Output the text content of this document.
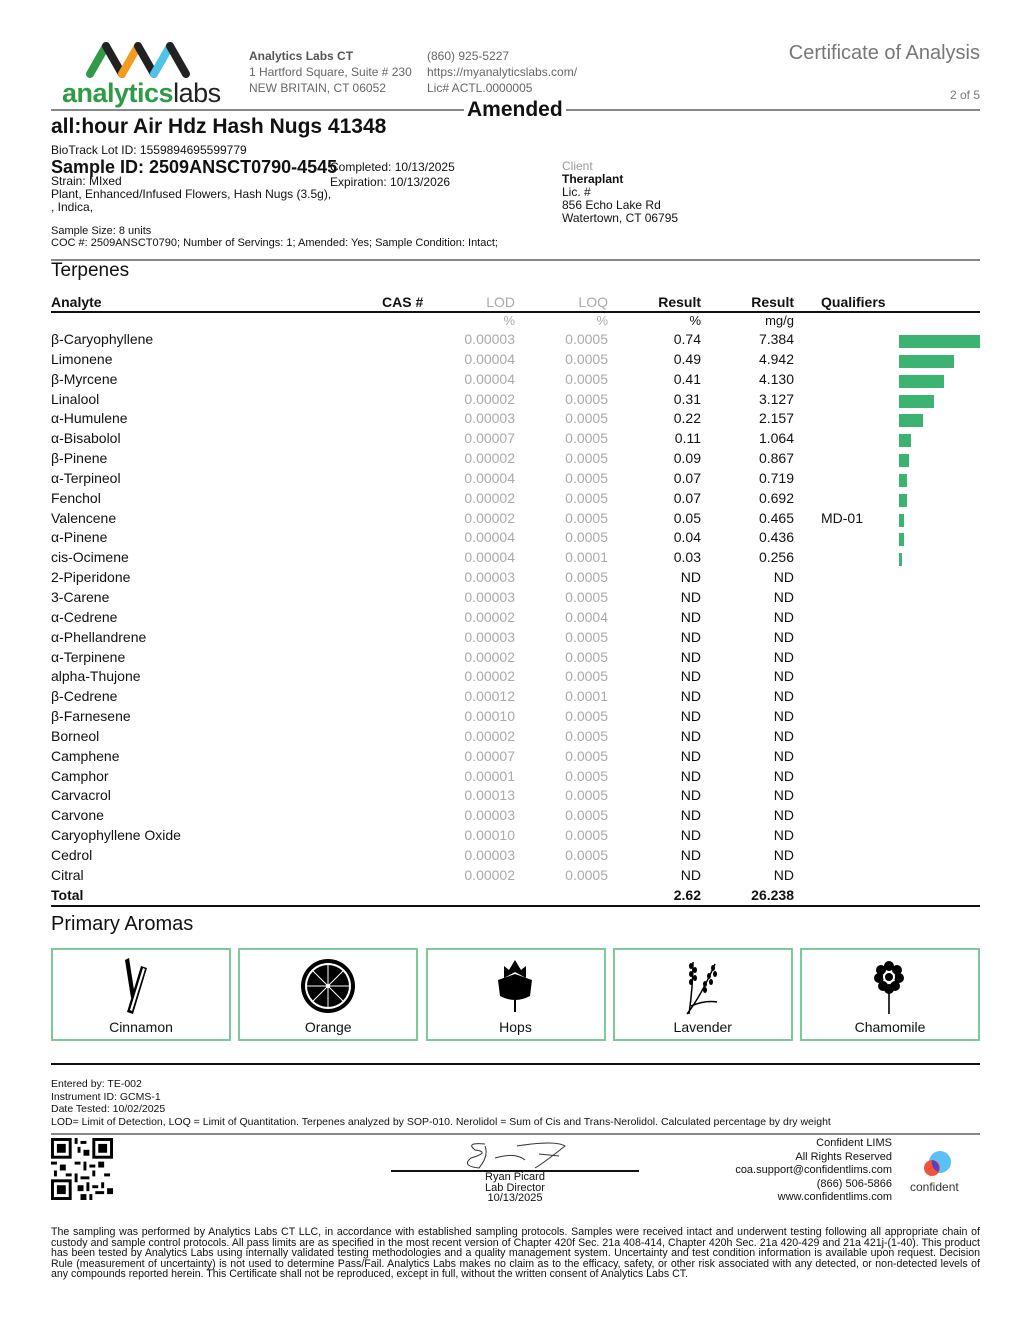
analyticslabs
Analytics Labs CT
1 Hartford Square, Suite # 230
NEW BRITAIN, CT 06052
(860) 925-5227
https://myanalyticslabs.com/
Lic# ACTL.0000005
Certificate of Analysis
2 of 5
Amended
all:hour Air Hdz Hash Nugs 41348
BioTrack Lot ID: 1559894695599779
Sample ID: 2509ANSCT0790-4545
Strain: MIxed
Plant, Enhanced/Infused Flowers, Hash Nugs (3.5g),
, Indica,
Completed: 10/13/2025
Expiration: 10/13/2026
Client
Theraplant
Lic. #
856 Echo Lake Rd
Watertown, CT 06795
Sample Size: 8 units
COC #: 2509ANSCT0790; Number of Servings: 1; Amended: Yes; Sample Condition: Intact;
Terpenes
Analyte	CAS #	LOD	LOQ	Result	Result Qualifiers
%	%	%	mg/g
β-Caryophyllene	0.00003	0.0005	0.74	7.384
Limonene	0.00004	0.0005	0.49	4.942
β-Myrcene	0.00004	0.0005	0.41	4.130
Linalool	0.00002	0.0005	0.31	3.127
α-Humulene	0.00003	0.0005	0.22	2.157
α-Bisabolol	0.00007	0.0005	0.11	1.064
β-Pinene	0.00002	0.0005	0.09	0.867
α-Terpineol	0.00004	0.0005	0.07	0.719
Fenchol	0.00002	0.0005	0.07	0.692
Valencene	0.00002	0.0005	0.05	0.465 MD-01
α-Pinene	0.00004	0.0005	0.04	0.436
cis-Ocimene	0.00004	0.0001	0.03	0.256
2-Piperidone	0.00003	0.0005	ND	ND
3-Carene	0.00003	0.0005	ND	ND
α-Cedrene	0.00002	0.0004	ND	ND
α-Phellandrene	0.00003	0.0005	ND	ND
α-Terpinene	0.00002	0.0005	ND	ND
alpha-Thujone	0.00002	0.0005	ND	ND
β-Cedrene	0.00012	0.0001	ND	ND
β-Farnesene	0.00010	0.0005	ND	ND
Borneol	0.00002	0.0005	ND	ND
Camphene	0.00007	0.0005	ND	ND
Camphor	0.00001	0.0005	ND	ND
Carvacrol	0.00013	0.0005	ND	ND
Carvone	0.00003	0.0005	ND	ND
Caryophyllene Oxide	0.00010	0.0005	ND	ND
Cedrol	0.00003	0.0005	ND	ND
Citral	0.00002	0.0005	ND	ND
Total	2.62	26.238
Primary Aromas
Cinnamon	Orange	Hops	Lavender	Chamomile
Entered by: TE-002
Instrument ID: GCMS-1
Date Tested: 10/02/2025
LOD= Limit of Detection, LOQ = Limit of Quantitation. Terpenes analyzed by SOP-010. Nerolidol = Sum of Cis and Trans-Nerolidol. Calculated percentage by dry weight
Ryan Picard
Lab Director
10/13/2025
Confident LIMS
All Rights Reserved
coa.support@confidentlims.com
(866) 506-5866
www.confidentlims.com
confident
The sampling was performed by Analytics Labs CT LLC, in accordance with established sampling protocols. Samples were received intact and underwent testing following all appropriate chain of custody and sample control protocols. All pass limits are as specified in the most recent version of Chapter 420f Sec. 21a 408-414, Chapter 420h Sec. 21a 420-429 and 21a 421j-(1-40). This product has been tested by Analytics Labs using internally validated testing methodologies and a quality management system. Uncertainty and test condition information is available upon request. Decision Rule (measurement of uncertainty) is not used to determine Pass/Fail. Analytics Labs makes no claim as to the efficacy, safety, or other risk associated with any detected, or non-detected levels of any compounds reported herein. This Certificate shall not be reproduced, except in full, without the written consent of Analytics Labs CT.
